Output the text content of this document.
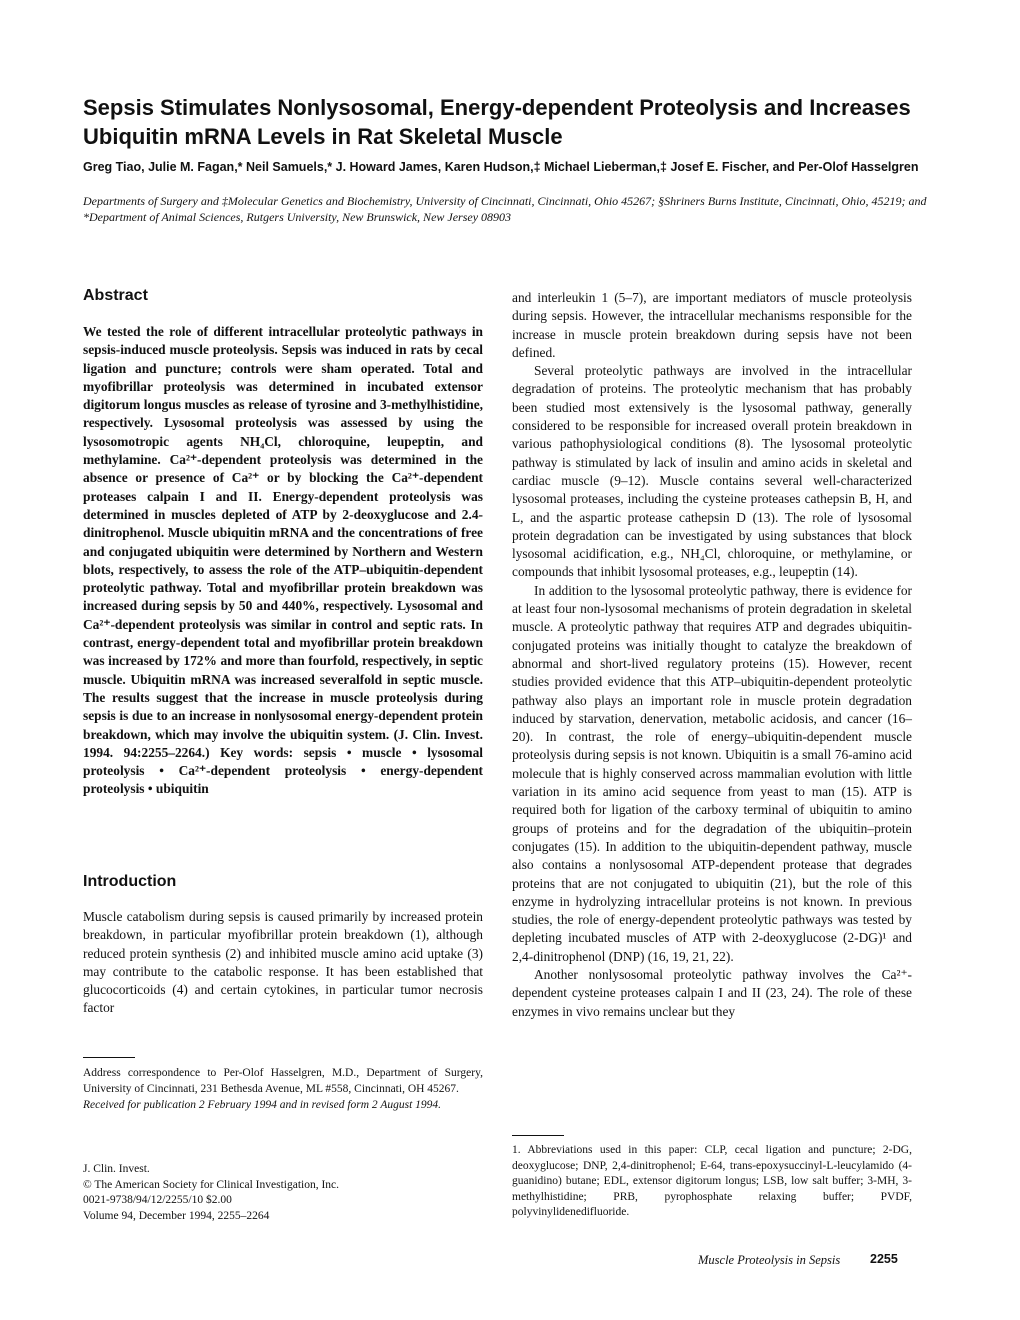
Sepsis Stimulates Nonlysosomal, Energy-dependent Proteolysis and Increases Ubiquitin mRNA Levels in Rat Skeletal Muscle

Greg Tiao, Julie M. Fagan,* Neil Samuels,* J. Howard James, Karen Hudson,‡ Michael Lieberman,‡ Josef E. Fischer, and Per-Olof Hasselgren

Departments of Surgery and ‡Molecular Genetics and Biochemistry, University of Cincinnati, Cincinnati, Ohio 45267; §Shriners Burns Institute, Cincinnati, Ohio, 45219; and *Department of Animal Sciences, Rutgers University, New Brunswick, New Jersey 08903

Abstract

We tested the role of different intracellular proteolytic pathways in sepsis-induced muscle proteolysis. Sepsis was induced in rats by cecal ligation and puncture; controls were sham operated. Total and myofibrillar proteolysis was determined in incubated extensor digitorum longus muscles as release of tyrosine and 3-methylhistidine, respectively. Lysosomal proteolysis was assessed by using the lysosomotropic agents NH₄Cl, chloroquine, leupeptin, and methylamine. Ca²⁺-dependent proteolysis was determined in the absence or presence of Ca²⁺ or by blocking the Ca²⁺-dependent proteases calpain I and II. Energy-dependent proteolysis was determined in muscles depleted of ATP by 2-deoxyglucose and 2.4-dinitrophenol. Muscle ubiquitin mRNA and the concentrations of free and conjugated ubiquitin were determined by Northern and Western blots, respectively, to assess the role of the ATP–ubiquitin-dependent proteolytic pathway. Total and myofibrillar protein breakdown was increased during sepsis by 50 and 440%, respectively. Lysosomal and Ca²⁺-dependent proteolysis was similar in control and septic rats. In contrast, energy-dependent total and myofibrillar protein breakdown was increased by 172% and more than fourfold, respectively, in septic muscle. Ubiquitin mRNA was increased severalfold in septic muscle. The results suggest that the increase in muscle proteolysis during sepsis is due to an increase in nonlysosomal energy-dependent protein breakdown, which may involve the ubiquitin system. (J. Clin. Invest. 1994. 94:2255–2264.) Key words: sepsis • muscle • lysosomal proteolysis • Ca²⁺-dependent proteolysis • energy-dependent proteolysis • ubiquitin

Introduction

Muscle catabolism during sepsis is caused primarily by increased protein breakdown, in particular myofibrillar protein breakdown (1), although reduced protein synthesis (2) and inhibited muscle amino acid uptake (3) may contribute to the catabolic response. It has been established that glucocorticoids (4) and certain cytokines, in particular tumor necrosis factor

Address correspondence to Per-Olof Hasselgren, M.D., Department of Surgery, University of Cincinnati, 231 Bethesda Avenue, ML #558, Cincinnati, OH 45267.

Received for publication 2 February 1994 and in revised form 2 August 1994.

J. Clin. Invest.

© The American Society for Clinical Investigation, Inc.

0021-9738/94/12/2255/10 $2.00

Volume 94, December 1994, 2255–2264

and interleukin 1 (5–7), are important mediators of muscle proteolysis during sepsis. However, the intracellular mechanisms responsible for the increase in muscle protein breakdown during sepsis have not been defined.

Several proteolytic pathways are involved in the intracellular degradation of proteins. The proteolytic mechanism that has probably been studied most extensively is the lysosomal pathway, generally considered to be responsible for increased overall protein breakdown in various pathophysiological conditions (8). The lysosomal proteolytic pathway is stimulated by lack of insulin and amino acids in skeletal and cardiac muscle (9–12). Muscle contains several well-characterized lysosomal proteases, including the cysteine proteases cathepsin B, H, and L, and the aspartic protease cathepsin D (13). The role of lysosomal protein degradation can be investigated by using substances that block lysosomal acidification, e.g., NH₄Cl, chloroquine, or methylamine, or compounds that inhibit lysosomal proteases, e.g., leupeptin (14).

In addition to the lysosomal proteolytic pathway, there is evidence for at least four non-lysosomal mechanisms of protein degradation in skeletal muscle. A proteolytic pathway that requires ATP and degrades ubiquitin-conjugated proteins was initially thought to catalyze the breakdown of abnormal and short-lived regulatory proteins (15). However, recent studies provided evidence that this ATP–ubiquitin-dependent proteolytic pathway also plays an important role in muscle protein degradation induced by starvation, denervation, metabolic acidosis, and cancer (16–20). In contrast, the role of energy–ubiquitin-dependent muscle proteolysis during sepsis is not known. Ubiquitin is a small 76-amino acid molecule that is highly conserved across mammalian evolution with little variation in its amino acid sequence from yeast to man (15). ATP is required both for ligation of the carboxy terminal of ubiquitin to amino groups of proteins and for the degradation of the ubiquitin–protein conjugates (15). In addition to the ubiquitin-dependent pathway, muscle also contains a nonlysosomal ATP-dependent protease that degrades proteins that are not conjugated to ubiquitin (21), but the role of this enzyme in hydrolyzing intracellular proteins is not known. In previous studies, the role of energy-dependent proteolytic pathways was tested by depleting incubated muscles of ATP with 2-deoxyglucose (2-DG)¹ and 2,4-dinitrophenol (DNP) (16, 19, 21, 22).

Another nonlysosomal proteolytic pathway involves the Ca²⁺-dependent cysteine proteases calpain I and II (23, 24). The role of these enzymes in vivo remains unclear but they

1. Abbreviations used in this paper: CLP, cecal ligation and puncture; 2-DG, deoxyglucose; DNP, 2,4-dinitrophenol; E-64, trans-epoxysuccinyl-L-leucylamido (4-guanidino) butane; EDL, extensor digitorum longus; LSB, low salt buffer; 3-MH, 3-methylhistidine; PRB, pyrophosphate relaxing buffer; PVDF, polyvinylidenedifluoride.

Muscle Proteolysis in Sepsis 2255
